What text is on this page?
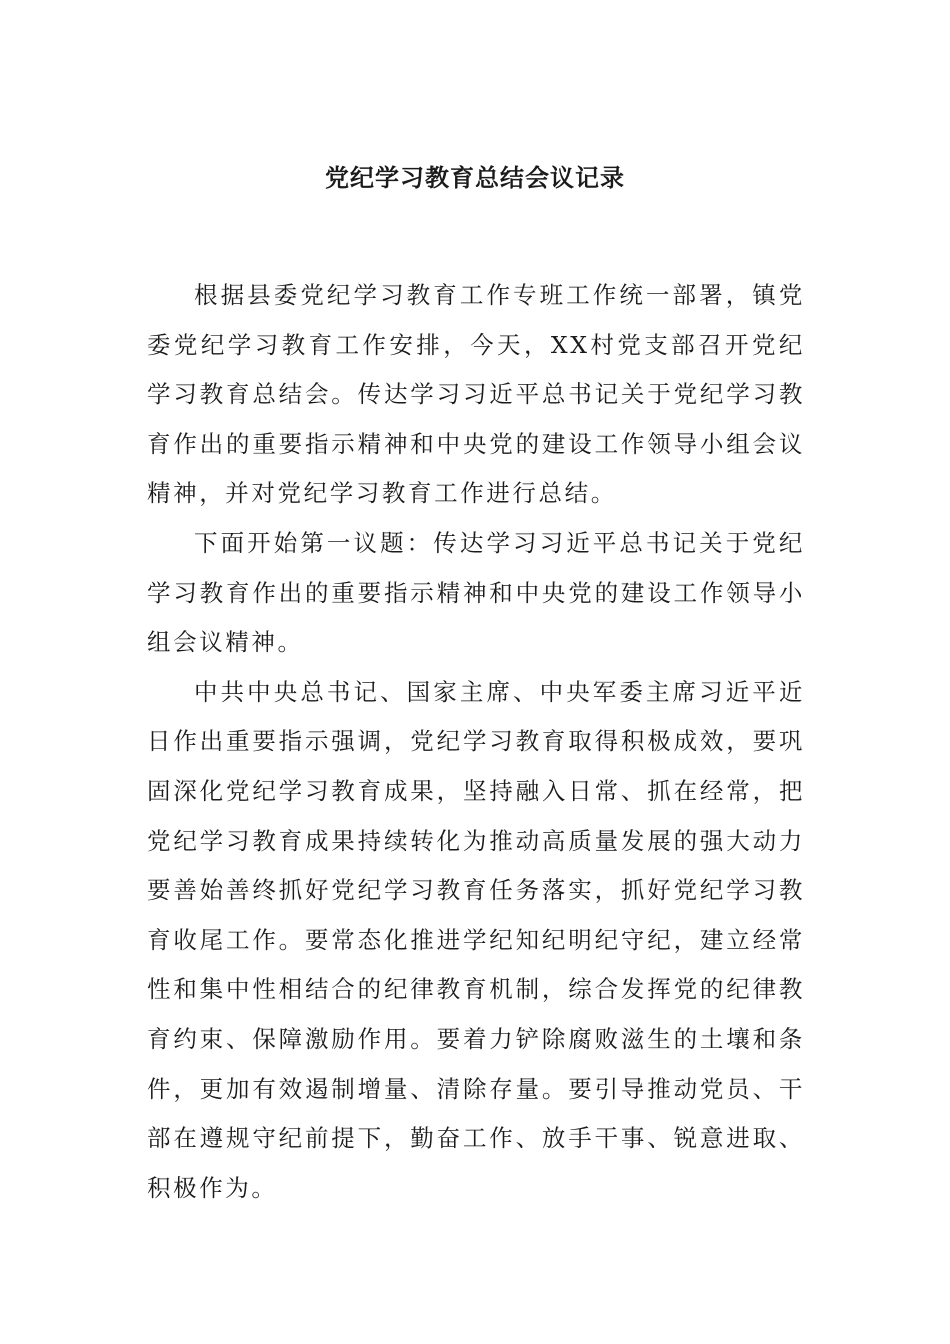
党纪学习教育总结会议记录

根据县委党纪学习教育工作专班工作统一部署，镇党委党纪学习教育工作安排，今天，XX村党支部召开党纪学习教育总结会。传达学习习近平总书记关于党纪学习教育作出的重要指示精神和中央党的建设工作领导小组会议精神，并对党纪学习教育工作进行总结。

下面开始第一议题：传达学习习近平总书记关于党纪学习教育作出的重要指示精神和中央党的建设工作领导小组会议精神。

中共中央总书记、国家主席、中央军委主席习近平近日作出重要指示强调，党纪学习教育取得积极成效，要巩固深化党纪学习教育成果，坚持融入日常、抓在经常，把党纪学习教育成果持续转化为推动高质量发展的强大动力要善始善终抓好党纪学习教育任务落实，抓好党纪学习教育收尾工作。要常态化推进学纪知纪明纪守纪，建立经常性和集中性相结合的纪律教育机制，综合发挥党的纪律教育约束、保障激励作用。要着力铲除腐败滋生的土壤和条件，更加有效遏制增量、清除存量。要引导推动党员、干部在遵规守纪前提下，勤奋工作、放手干事、锐意进取、积极作为。
